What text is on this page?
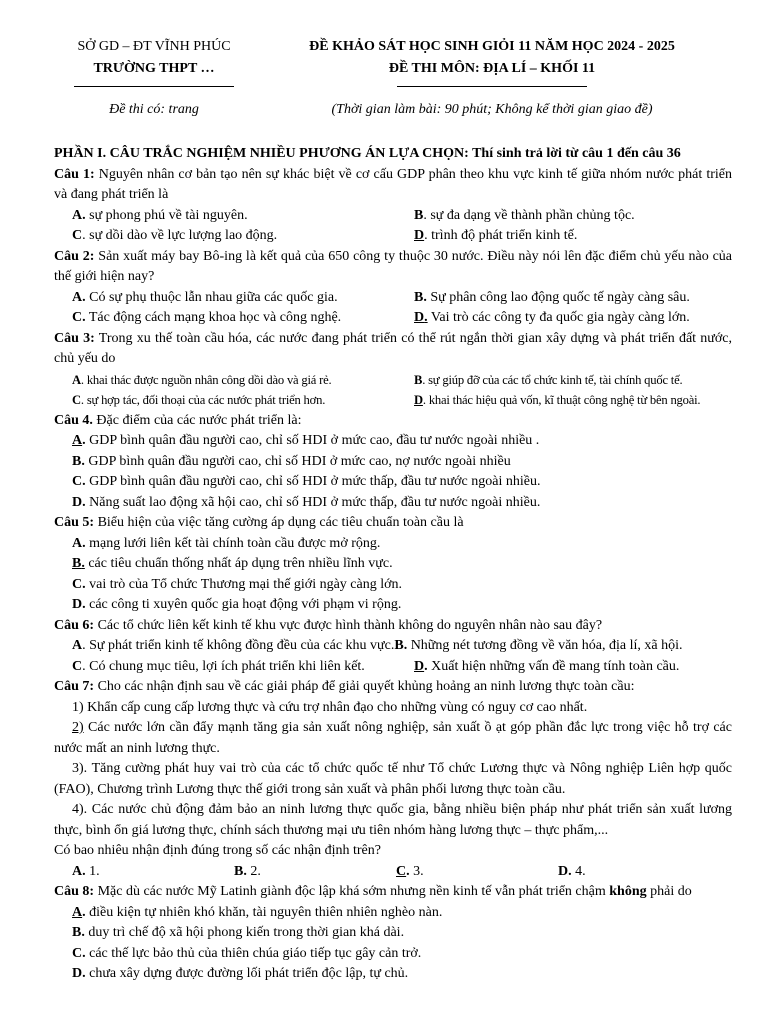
SỞ GD – ĐT VĨNH PHÚC
TRƯỜNG THPT …
ĐỀ KHẢO SÁT HỌC SINH GIỎI 11 NĂM HỌC 2024 - 2025
ĐỀ THI MÔN: ĐỊA LÍ – KHỐI 11
Đề thi có: trang	(Thời gian làm bài: 90 phút; Không kể thời gian giao đề)
PHẦN I. CÂU TRẮC NGHIỆM NHIỀU PHƯƠNG ÁN LỰA CHỌN: Thí sinh trả lời từ câu 1 đến câu 36
Câu 1: Nguyên nhân cơ bản tạo nên sự khác biệt về cơ cấu GDP phân theo khu vực kinh tế giữa nhóm nước phát triển và đang phát triển là
A. sự phong phú về tài nguyên.	B. sự đa dạng về thành phần chủng tộc.
C. sự dồi dào về lực lượng lao động.	D. trình độ phát triển kinh tế.
Câu 2: Sản xuất máy bay Bô-ing là kết quả của 650 công ty thuộc 30 nước. Điều này nói lên đặc điểm chủ yếu nào của thế giới hiện nay?
A. Có sự phụ thuộc lẫn nhau giữa các quốc gia.	B. Sự phân công lao động quốc tế ngày càng sâu.
C. Tác động cách mạng khoa học và công nghệ.	D. Vai trò các công ty đa quốc gia ngày càng lớn.
Câu 3: Trong xu thế toàn cầu hóa, các nước đang phát triển có thể rút ngắn thời gian xây dựng và phát triển đất nước, chủ yếu do
A. khai thác được nguồn nhân công dồi dào và giá rẻ.	B. sự giúp đỡ của các tổ chức kinh tế, tài chính quốc tế.
C. sự hợp tác, đối thoại của các nước phát triển hơn.	D. khai thác hiệu quả vốn, kĩ thuật công nghệ từ bên ngoài.
Câu 4. Đặc điểm của các nước phát triển là:
A. GDP bình quân đầu người cao, chỉ số HDI ở mức cao, đầu tư nước ngoài nhiều .
B. GDP bình quân đầu người cao, chỉ số HDI ở mức cao, nợ nước ngoài nhiều
C. GDP bình quân đầu người cao, chỉ số HDI ở mức thấp, đầu tư nước ngoài nhiều.
D. Năng suất lao động xã hội cao, chỉ số HDI ở mức thấp, đầu tư nước ngoài nhiều.
Câu 5: Biểu hiện của việc tăng cường áp dụng các tiêu chuẩn toàn cầu là
A. mạng lưới liên kết tài chính toàn cầu được mở rộng.
B. các tiêu chuẩn thống nhất áp dụng trên nhiều lĩnh vực.
C. vai trò của Tổ chức Thương mại thế giới ngày càng lớn.
D. các công ti xuyên quốc gia hoạt động với phạm vi rộng.
Câu 6: Các tổ chức liên kết kinh tế khu vực được hình thành không do nguyên nhân nào sau đây?
A. Sự phát triển kinh tế không đồng đều của các khu vực.B. Những nét tương đồng về văn hóa, địa lí, xã hội.
C. Có chung mục tiêu, lợi ích phát triển khi liên kết.	D. Xuất hiện những vấn đề mang tính toàn cầu.
Câu 7: Cho các nhận định sau về các giải pháp để giải quyết khủng hoảng an ninh lương thực toàn cầu:
1) Khẩn cấp cung cấp lương thực và cứu trợ nhân đạo cho những vùng có nguy cơ cao nhất.
2) Các nước lớn cần đẩy mạnh tăng gia sản xuất nông nghiệp, sản xuất ồ ạt góp phần đắc lực trong việc hỗ trợ các nước mất an ninh lương thực.
3). Tăng cường phát huy vai trò của các tổ chức quốc tế như Tổ chức Lương thực và Nông nghiệp Liên hợp quốc (FAO), Chương trình Lương thực thế giới trong sản xuất và phân phối lương thực toàn cầu.
4). Các nước chủ động đảm bảo an ninh lương thực quốc gia, bằng nhiều biện pháp như phát triển sản xuất lương thực, bình ổn giá lương thực, chính sách thương mại ưu tiên nhóm hàng lương thực – thực phẩm,...
Có bao nhiêu nhận định đúng trong số các nhận định trên?
A. 1.	B. 2.	C. 3.	D. 4.
Câu 8: Mặc dù các nước Mỹ Latinh giành độc lập khá sớm nhưng nền kinh tế vẫn phát triển chậm không phải do
A. điều kiện tự nhiên khó khăn, tài nguyên thiên nhiên nghèo nàn.
B. duy trì chế độ xã hội phong kiến trong thời gian khá dài.
C. các thế lực bảo thủ của thiên chúa giáo tiếp tục gây cản trở.
D. chưa xây dựng được đường lối phát triển độc lập, tự chủ.
